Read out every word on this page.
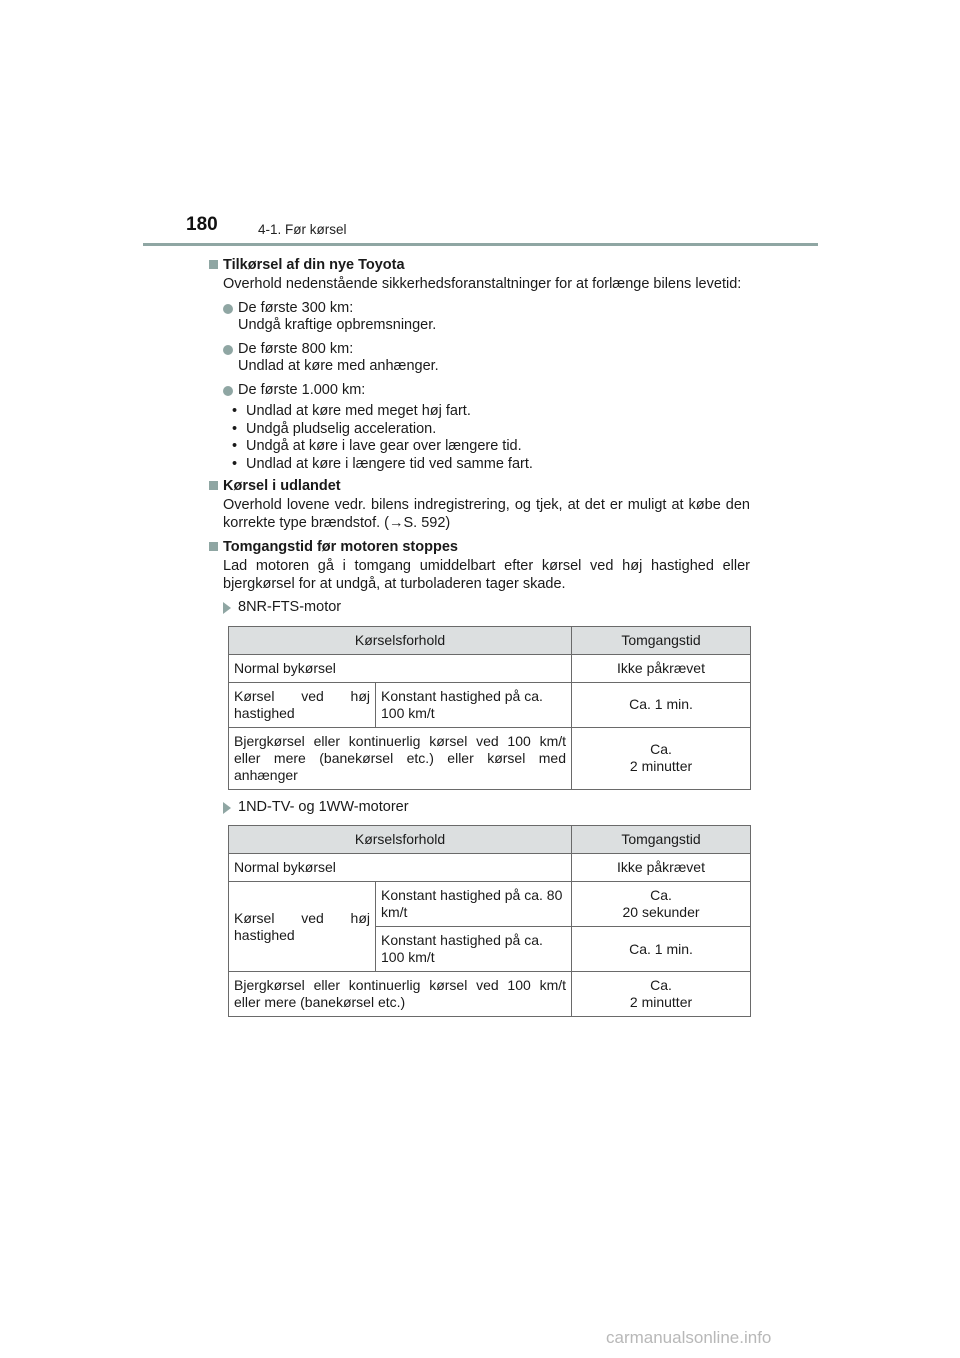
180	4-1. Før kørsel
Tilkørsel af din nye Toyota

Overhold nedenstående sikkerhedsforanstaltninger for at forlænge bilens levetid:

De første 300 km:
Undgå kraftige opbremsninger.
De første 800 km:
Undlad at køre med anhænger.
De første 1.000 km:
• Undlad at køre med meget høj fart.
• Undgå pludselig acceleration.
• Undgå at køre i lave gear over længere tid.
• Undlad at køre i længere tid ved samme fart.
Kørsel i udlandet

Overhold lovene vedr. bilens indregistrering, og tjek, at det er muligt at købe den korrekte type brændstof. (→S. 592)

Tomgangstid før motoren stoppes

Lad motoren gå i tomgang umiddelbart efter kørsel ved høj hastighed eller bjergkørsel for at undgå, at turboladeren tager skade.

8NR-FTS-motor
Kørselsforhold		Tomgangstid
Normal bykørsel		Ikke påkrævet
Kørsel ved høj hastighed	Konstant hastighed på ca. 100 km/t	Ca. 1 min.
Bjergkørsel eller kontinuerlig kørsel ved 100 km/t eller mere (banekørsel etc.) eller kørsel med anhænger		Ca.
2 minutter
1ND-TV- og 1WW-motorer
Kørselsforhold		Tomgangstid
Normal bykørsel		Ikke påkrævet
Kørsel ved høj hastighed	Konstant hastighed på ca. 80 km/t	Ca.
20 sekunder

	Konstant hastighed på ca. 100 km/t	Ca. 1 min.
Bjergkørsel eller kontinuerlig kørsel ved 100 km/t eller mere (banekørsel etc.)		Ca.
2 minutter
carmanualsonline.info
